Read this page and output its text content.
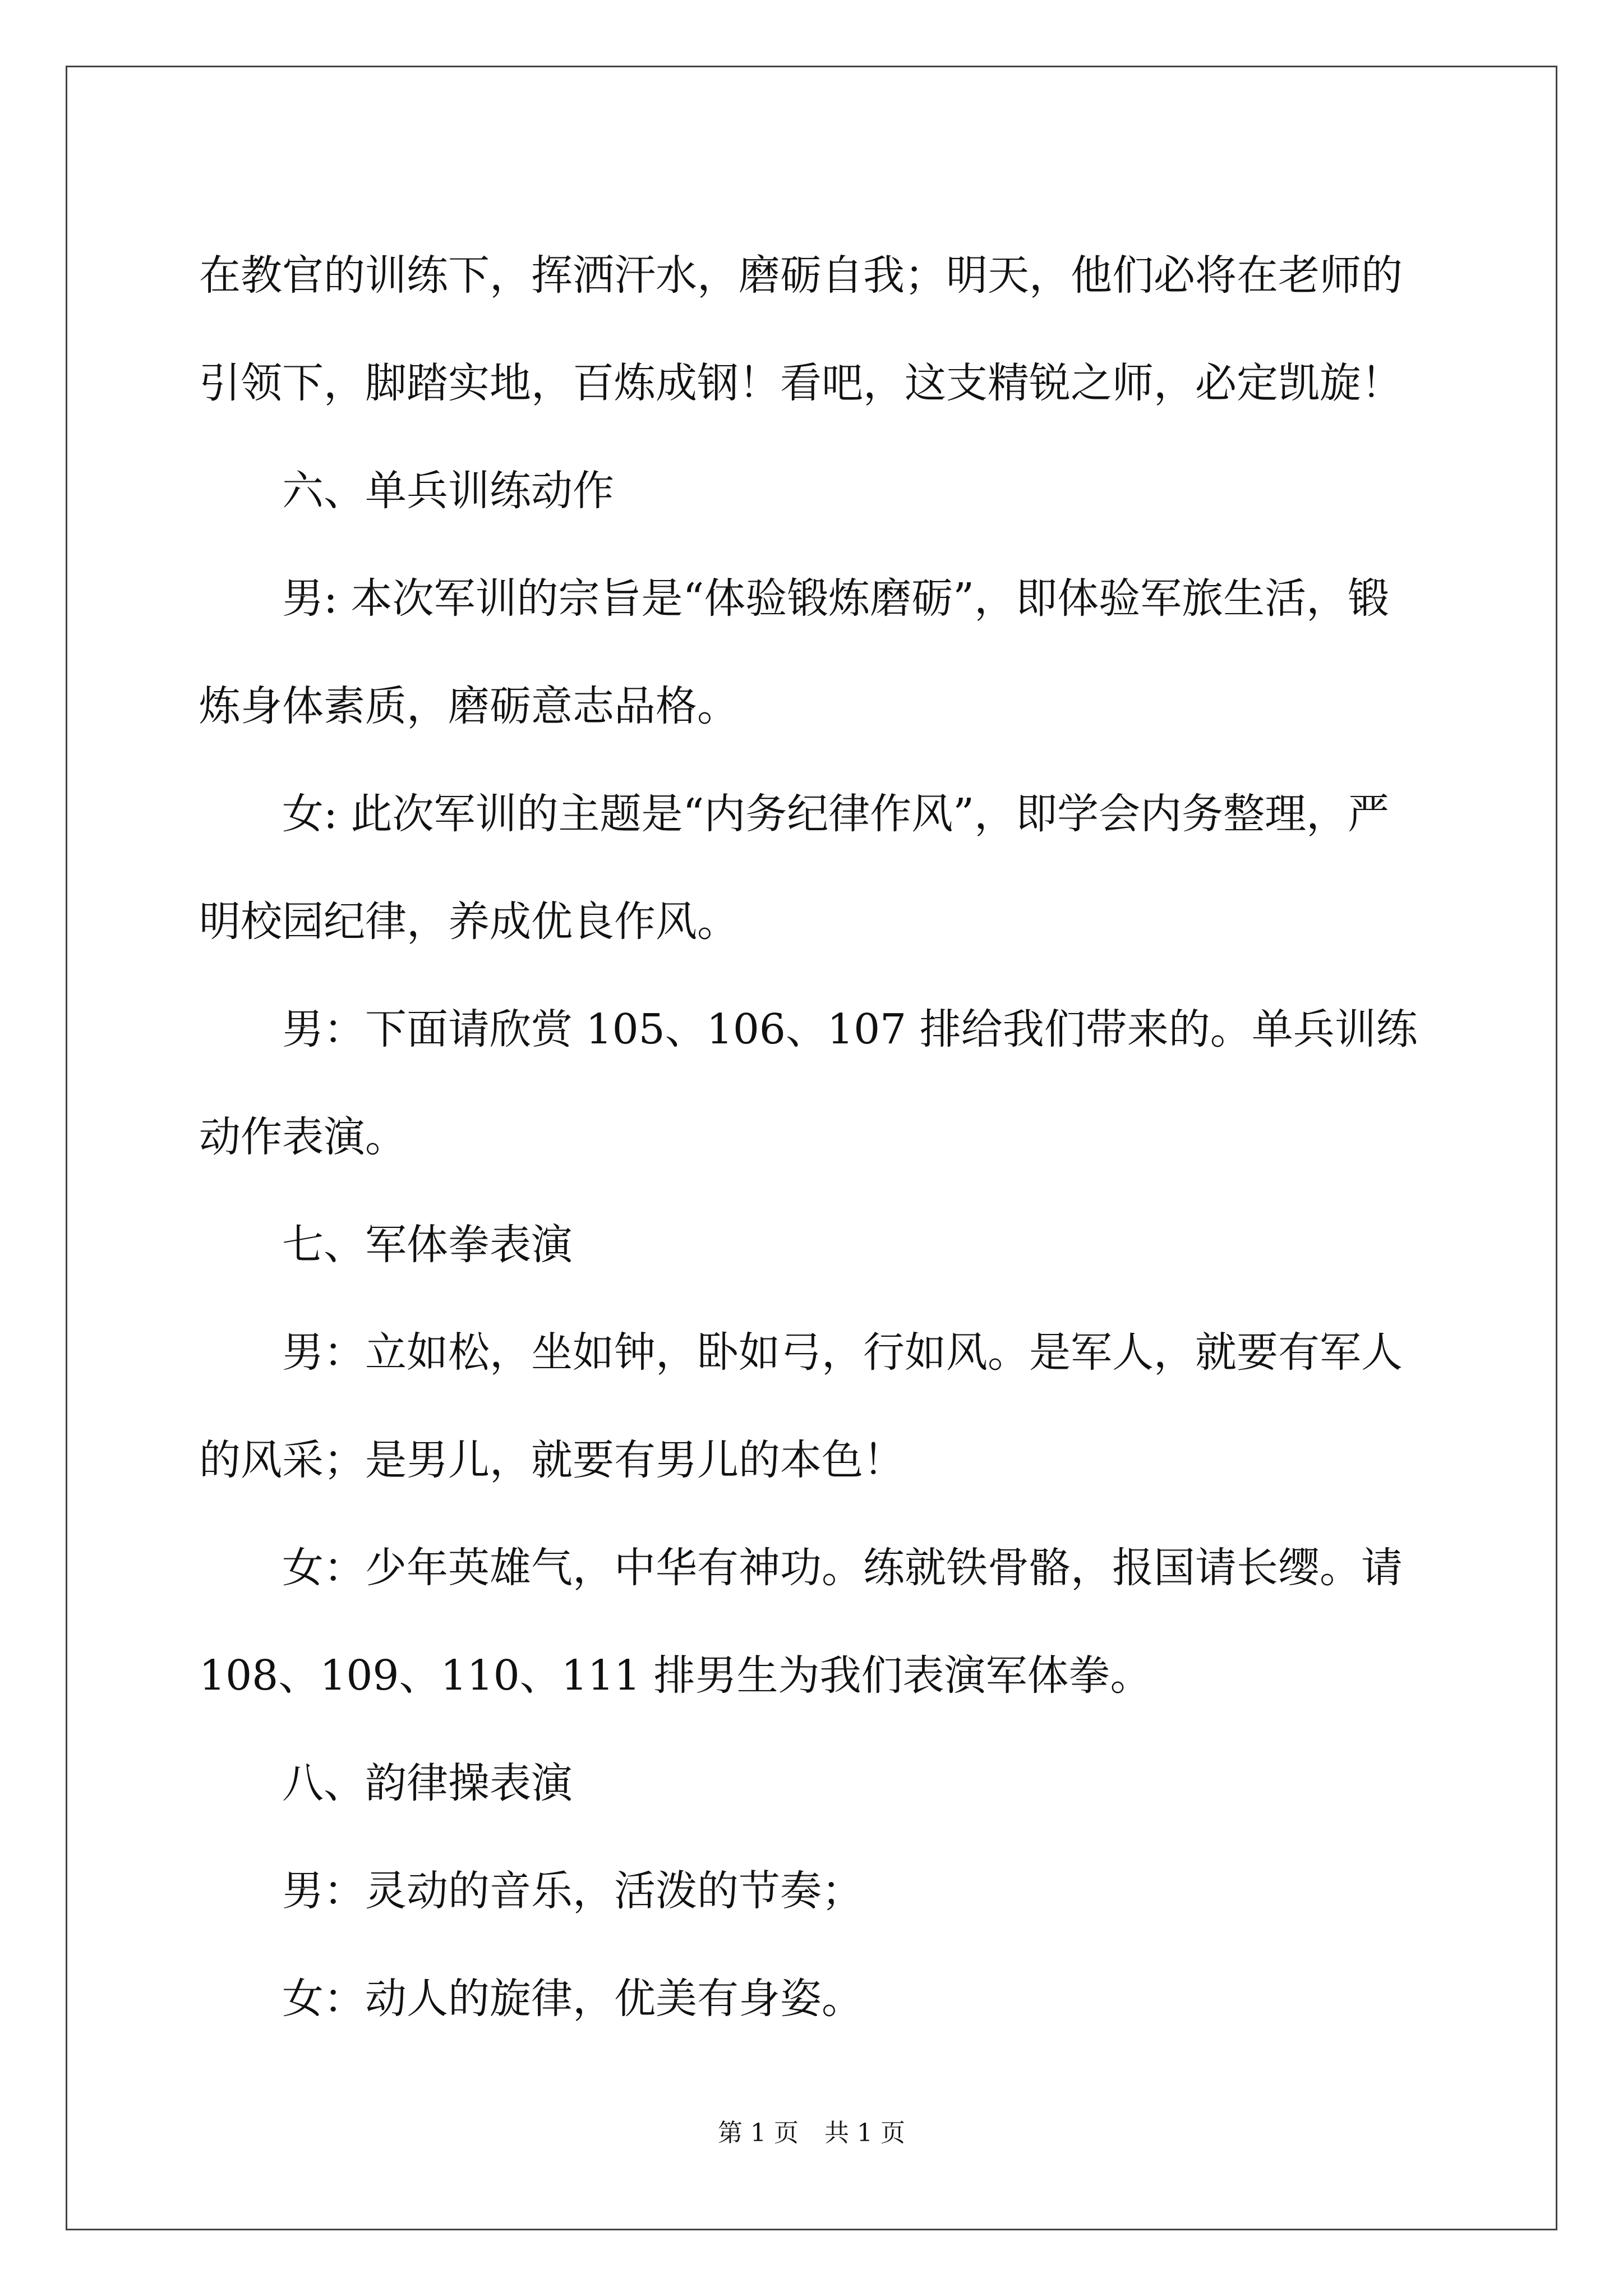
在教官的训练下，挥洒汗水，磨砺自我；明天，他们必将在老师的引领下，脚踏实地，百炼成钢！看吧，这支精锐之师，必定凯旋！

六、单兵训练动作

男: 本次军训的宗旨是“体验锻炼磨砺”，即体验军旅生活，锻炼身体素质，磨砺意志品格。

女: 此次军训的主题是“内务纪律作风”，即学会内务整理，严明校园纪律，养成优良作风。

男：下面请欣赏 105、106、107 排给我们带来的。单兵训练动作表演。

七、军体拳表演

男：立如松，坐如钟，卧如弓，行如风。是军人，就要有军人的风采；是男儿，就要有男儿的本色！

女：少年英雄气，中华有神功。练就铁骨骼，报国请长缨。请 108、109、110、111 排男生为我们表演军体拳。

八、韵律操表演

男：灵动的音乐，活泼的节奏；

女：动人的旋律，优美有身姿。

第 1 页 共 1 页
